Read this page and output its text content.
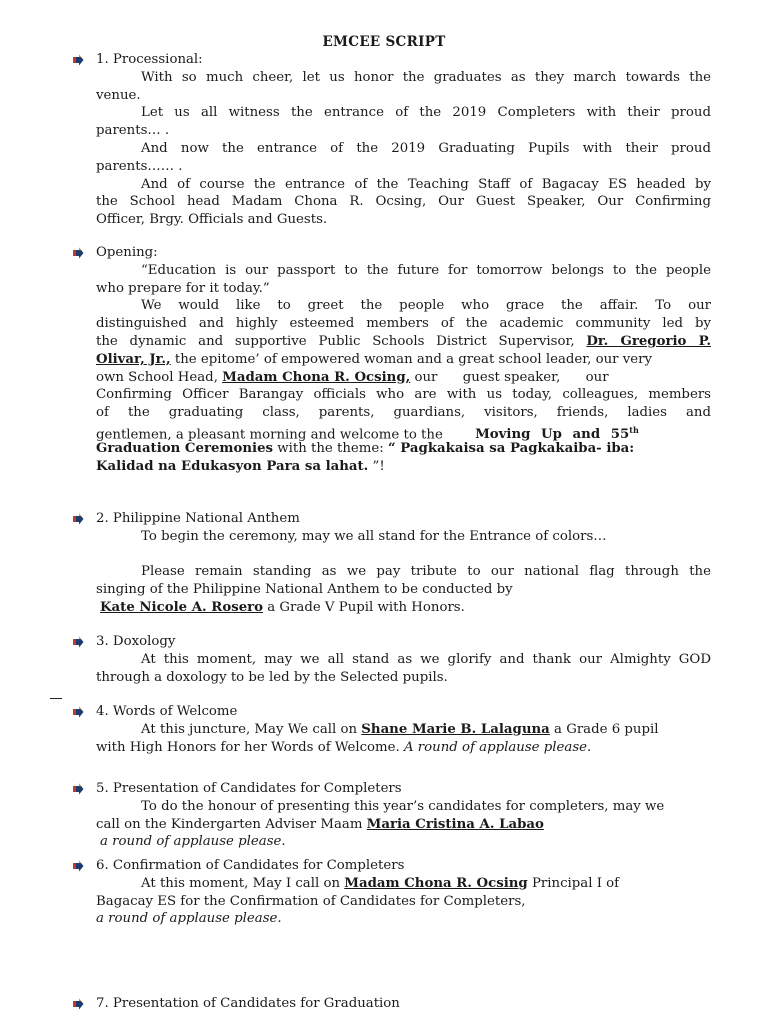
EMCEE SCRIPT
1. Processional:
With so much cheer, let us honor the graduates as they march towards the
venue.
Let us all witness the entrance of the 2019 Completers with their proud
parents… .
And now the entrance of the 2019 Graduating Pupils with their proud
parents…… .
And of course the entrance of the Teaching Staff of Bagacay ES headed by
the School head Madam Chona R. Ocsing, Our Guest Speaker, Our Confirming
Officer, Brgy. Officials and Guests.
Opening:
“Education is our passport to the future for tomorrow belongs to the people
who prepare for it today.”
We would like to greet the people who grace the affair. To our
distinguished and highly esteemed members of the academic community led by
the dynamic and supportive Public Schools District Supervisor, Dr. Gregorio P.
Olivar, Jr., the epitome’ of empowered woman and a great school leader, our very
own School Head, Madam Chona R. Ocsing, our      guest speaker,      our
Confirming Officer Barangay officials who are with us today, colleagues, members
of the graduating class, parents, guardians, visitors, friends, ladies and
gentlemen, a pleasant morning and welcome to the Moving Up and 55th
Graduation Ceremonies with the theme: “ Pagkakaisa sa Pagkakaiba- iba:
Kalidad na Edukasyon Para sa lahat. ”!
2. Philippine National Anthem
To begin the ceremony, may we all stand for the Entrance of colors…
Please remain standing as we pay tribute to our national flag through the
singing of the Philippine National Anthem to be conducted by
Kate Nicole A. Rosero a Grade V Pupil with Honors.
3. Doxology
At this moment, may we all stand as we glorify and thank our Almighty GOD
through a doxology to be led by the Selected pupils.
4. Words of Welcome
At this juncture, May We call on Shane Marie B. Lalaguna a Grade 6 pupil
with High Honors for her Words of Welcome. A round of applause please.
5. Presentation of Candidates for Completers
To do the honour of presenting this year’s candidates for completers, may we
call on the Kindergarten Adviser Maam Maria Cristina A. Labao
a round of applause please.
6. Confirmation of Candidates for Completers
At this moment, May I call on Madam Chona R. Ocsing Principal I of
Bagacay ES for the Confirmation of Candidates for Completers,
a round of applause please.
7. Presentation of Candidates for Graduation
